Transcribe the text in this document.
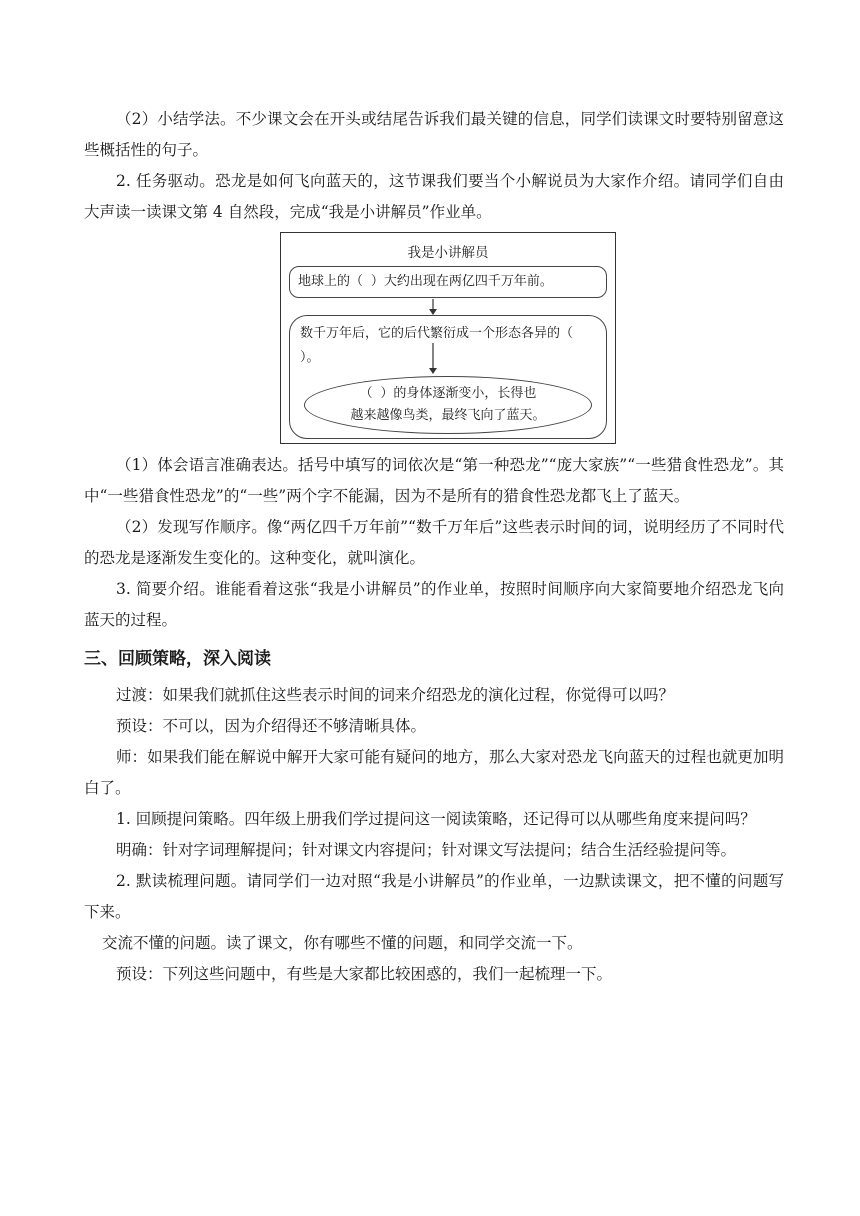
（2）小结学法。不少课文会在开头或结尾告诉我们最关键的信息，同学们读课文时要特别留意这些概括性的句子。

2. 任务驱动。恐龙是如何飞向蓝天的，这节课我们要当个小解说员为大家作介绍。请同学们自由大声读一读课文第 4 自然段，完成“我是小讲解员”作业单。

我是小讲解员
地球上的（ ）大约出现在两亿四千万年前。
数千万年后，它的后代繁衍成一个形态各异的（ ）。
（ ）的身体逐渐变小，长得也
越来越像鸟类，最终飞向了蓝天。

（1）体会语言准确表达。括号中填写的词依次是“第一种恐龙”“庞大家族”“一些猎食性恐龙”。其中“一些猎食性恐龙”的“一些”两个字不能漏，因为不是所有的猎食性恐龙都飞上了蓝天。

（2）发现写作顺序。像“两亿四千万年前”“数千万年后”这些表示时间的词，说明经历了不同时代的恐龙是逐渐发生变化的。这种变化，就叫演化。

3. 简要介绍。谁能看着这张“我是小讲解员”的作业单，按照时间顺序向大家简要地介绍恐龙飞向蓝天的过程。

三、回顾策略，深入阅读

过渡：如果我们就抓住这些表示时间的词来介绍恐龙的演化过程，你觉得可以吗？

预设：不可以，因为介绍得还不够清晰具体。

师：如果我们能在解说中解开大家可能有疑问的地方，那么大家对恐龙飞向蓝天的过程也就更加明白了。

1. 回顾提问策略。四年级上册我们学过提问这一阅读策略，还记得可以从哪些角度来提问吗？

明确：针对字词理解提问；针对课文内容提问；针对课文写法提问；结合生活经验提问等。

2. 默读梳理问题。请同学们一边对照“我是小讲解员”的作业单，一边默读课文，把不懂的问题写下来。

交流不懂的问题。读了课文，你有哪些不懂的问题，和同学交流一下。

预设：下列这些问题中，有些是大家都比较困惑的，我们一起梳理一下。
